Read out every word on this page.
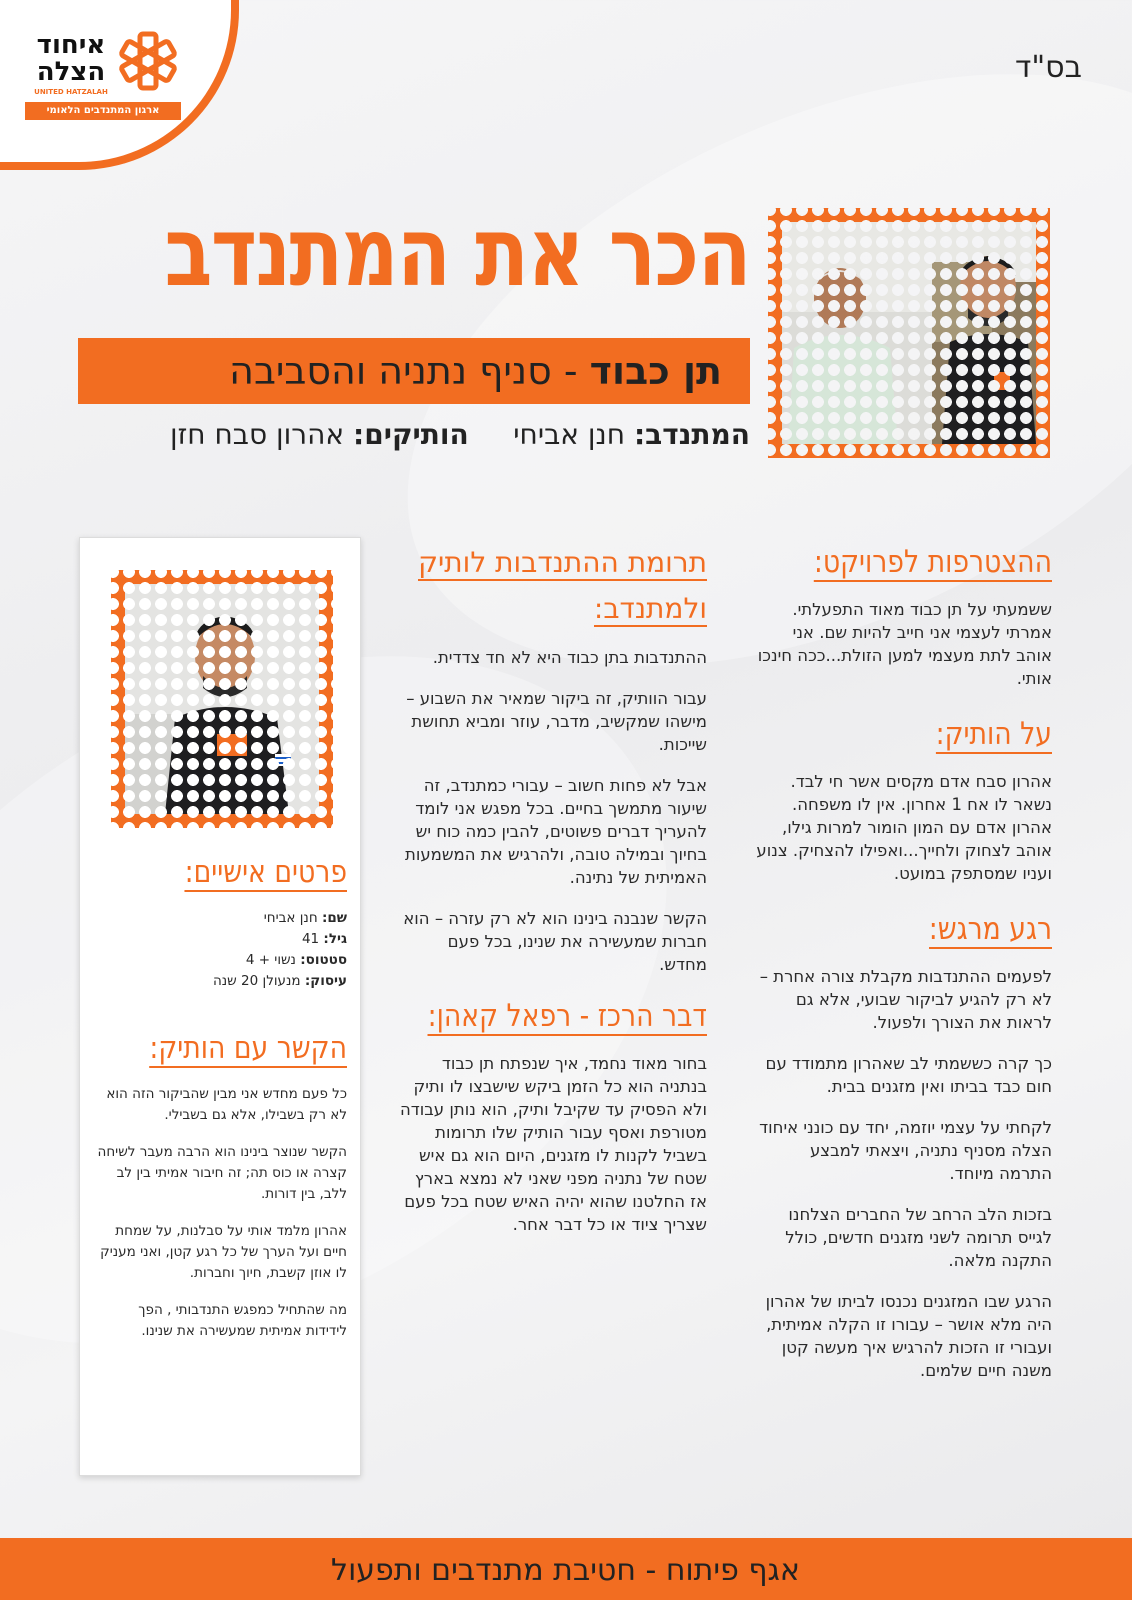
איחוד
הצלה
UNITED HATZALAH
ארגון המתנדבים הלאומי
בס"ד
הכר את המתנדב
תן כבוד - סניף נתניה והסביבה
המתנדב: חנן אביחי     הותיקים: אהרון סבח חזן
ההצטרפות לפרויקט:

ששמעתי על תן כבוד מאוד התפעלתי. אמרתי לעצמי אני חייב להיות שם. אני אוהב לתת מעצמי למען הזולת...ככה חינכו אותי.

על הותיק:

אהרון סבח אדם מקסים אשר חי לבד. נשאר לו אח 1 אחרון. אין לו משפחה. אהרון אדם עם המון הומור למרות גילו, אוהב לצחוק ולחייך...ואפילו להצחיק. צנוע ועניו שמסתפק במועט.

רגע מרגש:

לפעמים ההתנדבות מקבלת צורה אחרת – לא רק להגיע לביקור שבועי, אלא גם לראות את הצורך ולפעול.

כך קרה כששמתי לב שאהרון מתמודד עם חום כבד בביתו ואין מזגנים בבית.

לקחתי על עצמי יוזמה, יחד עם כונני איחוד הצלה מסניף נתניה, ויצאתי למבצע התרמה מיוחד.

בזכות הלב הרחב של החברים הצלחנו לגייס תרומה לשני מזגנים חדשים, כולל התקנה מלאה.

הרגע שבו המזגנים נכנסו לביתו של אהרון היה מלא אושר – עבורו זו הקלה אמיתית, ועבורי זו הזכות להרגיש איך מעשה קטן משנה חיים שלמים.

תרומת ההתנדבות לותיק ולמתנדב:

ההתנדבות בתן כבוד היא לא חד צדדית.

עבור הוותיק, זה ביקור שמאיר את השבוע – מישהו שמקשיב, מדבר, עוזר ומביא תחושת שייכות.

אבל לא פחות חשוב – עבורי כמתנדב, זה שיעור מתמשך בחיים. בכל מפגש אני לומד להעריך דברים פשוטים, להבין כמה כוח יש בחיוך ובמילה טובה, ולהרגיש את המשמעות האמיתית של נתינה.

הקשר שנבנה בינינו הוא לא רק עזרה – הוא חברות שמעשירה את שנינו, בכל פעם מחדש.

דבר הרכז - רפאל קאהן:

בחור מאוד נחמד, איך שנפתח תן כבוד בנתניה הוא כל הזמן ביקש שישבצו לו ותיק ולא הפסיק עד שקיבל ותיק, הוא נותן עבודה מטורפת ואסף עבור הותיק שלו תרומות בשביל לקנות לו מזגנים, היום הוא גם איש שטח של נתניה מפני שאני לא נמצא בארץ אז החלטנו שהוא יהיה האיש שטח בכל פעם שצריך ציוד או כל דבר אחר.

פרטים אישיים:
שם: חנן אביחי
גיל: 41
סטטוס: נשוי + 4
עיסוק: מנעולן 20 שנה
הקשר עם הותיק:

כל פעם מחדש אני מבין שהביקור הזה הוא לא רק בשבילו, אלא גם בשבילי.

הקשר שנוצר בינינו הוא הרבה מעבר לשיחה קצרה או כוס תה; זה חיבור אמיתי בין לב ללב, בין דורות.

אהרון מלמד אותי על סבלנות, על שמחת חיים ועל הערך של כל רגע קטן, ואני מעניק לו אוזן קשבת, חיוך וחברות.

מה שהתחיל כמפגש התנדבותי , הפך לידידות אמיתית שמעשירה את שנינו.

אגף פיתוח - חטיבת מתנדבים ותפעול
